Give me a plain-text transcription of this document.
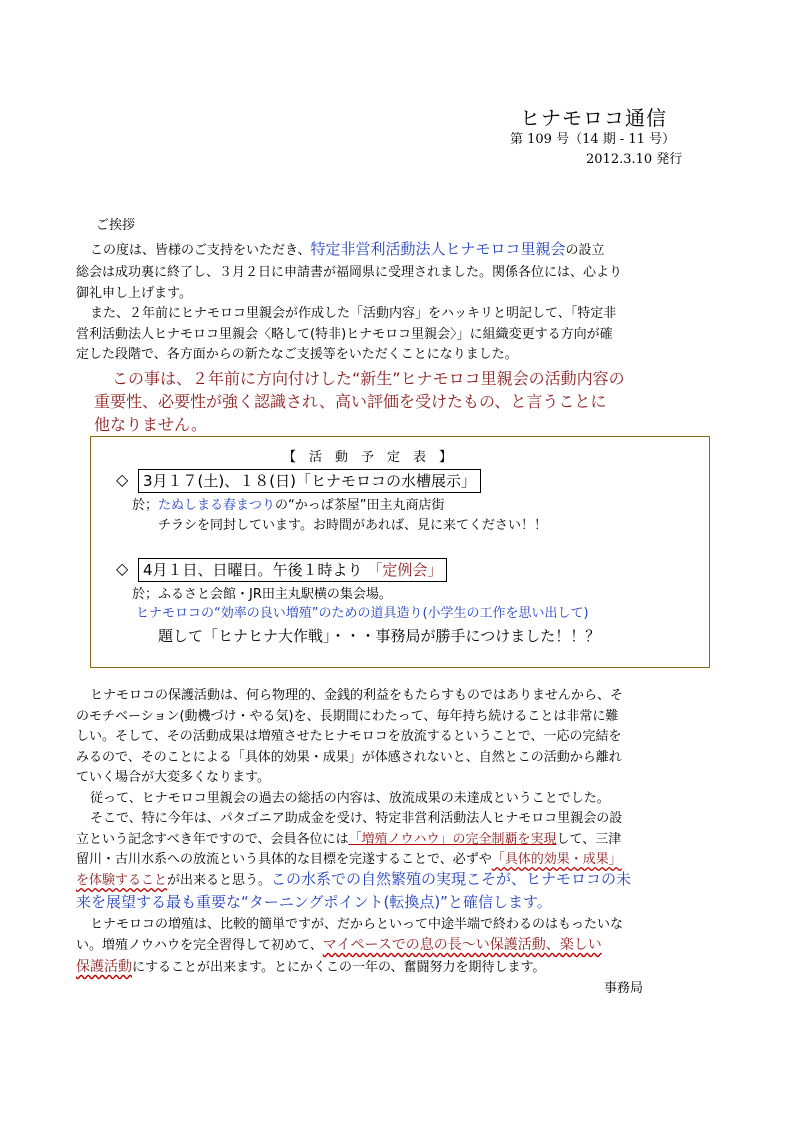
ヒナモロコ通信
第 109 号（14 期 - 11 号）
2012.3.10 発行
ご挨拶
この度は、皆様のご支持をいただき、特定非営利活動法人ヒナモロコ里親会の設立
総会は成功裏に終了し、３月２日に申請書が福岡県に受理されました。関係各位には、心より
御礼申し上げます。
また、２年前にヒナモロコ里親会が作成した「活動内容」をハッキリと明記して、「特定非
営利活動法人ヒナモロコ里親会〈略して(特非)ヒナモロコ里親会〉」に組織変更する方向が確
定した段階で、各方面からの新たなご支援等をいただくことになりました。
この事は、２年前に方向付けした“新生”ヒナモロコ里親会の活動内容の
重要性、必要性が強く認識され、高い評価を受けたもの、と言うことに
他なりません。
【　活　動　予　定　表　】
◇ 3月１７(土)、１８(日)「ヒナモロコの水槽展示」
於；たぬしまる春まつりの“かっぱ茶屋”田主丸商店街
チラシを同封しています。お時間があれば、見に来てください！！
◇ 4月１日、日曜日。午後１時より 「定例会」
於；ふるさと会館・JR田主丸駅横の集会場。
ヒナモロコの“効率の良い増殖”のための道具造り(小学生の工作を思い出して)
題して「ヒナヒナ大作戦」・・・事務局が勝手につけました！！？
ヒナモロコの保護活動は、何ら物理的、金銭的利益をもたらすものではありませんから、そ
のモチベーション(動機づけ・やる気)を、長期間にわたって、毎年持ち続けることは非常に難
しい。そして、その活動成果は増殖させたヒナモロコを放流するということで、一応の完結を
みるので、そのことによる「具体的効果・成果」が体感されないと、自然とこの活動から離れ
ていく場合が大変多くなります。
従って、ヒナモロコ里親会の過去の総括の内容は、放流成果の未達成ということでした。
そこで、特に今年は、パタゴニア助成金を受け、特定非営利活動法人ヒナモロコ里親会の設
立という記念すべき年ですので、会員各位には「増殖ノウハウ」の完全制覇を実現して、三津
留川・古川水系への放流という具体的な目標を完遂することで、必ずや「具体的効果・成果」
を体験することが出来ると思う。この水系での自然繁殖の実現こそが、ヒナモロコの未
来を展望する最も重要な“ターニングポイント(転換点)”と確信します。
ヒナモロコの増殖は、比較的簡単ですが、だからといって中途半端で終わるのはもったいな
い。増殖ノウハウを完全習得して初めて、マイペースでの息の長～い保護活動、楽しい
保護活動にすることが出来ます。とにかくこの一年の、奮闘努力を期待します。
事務局
